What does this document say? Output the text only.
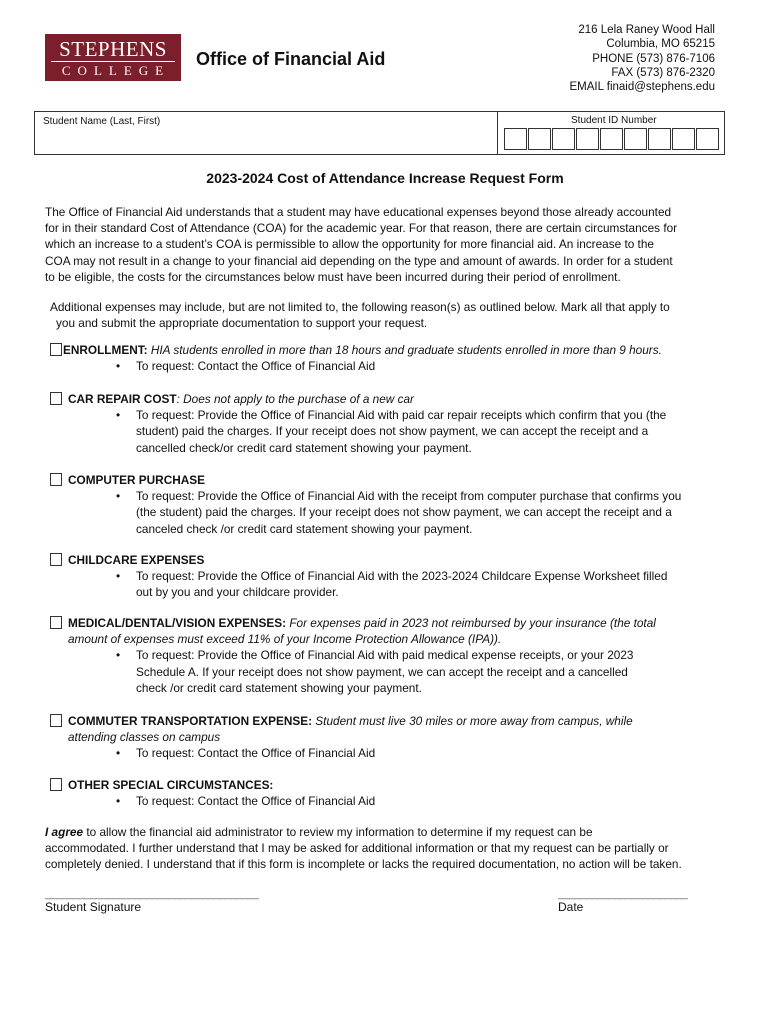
STEPHENS
COLLEGE
Office of Financial Aid
216 Lela Raney Wood Hall
Columbia, MO 65215
PHONE (573) 876-7106
FAX (573) 876-2320
EMAIL finaid@stephens.edu
Student Name (Last, First)	Student ID Number
2023-2024 Cost of Attendance Increase Request Form
The Office of Financial Aid understands that a student may have educational expenses beyond those already accounted
for in their standard Cost of Attendance (COA) for the academic year. For that reason, there are certain circumstances for
which an increase to a student’s COA is permissible to allow the opportunity for more financial aid. An increase to the
COA may not result in a change to your financial aid depending on the type and amount of awards. In order for a student
to be eligible, the costs for the circumstances below must have been incurred during their period of enrollment.
Additional expenses may include, but are not limited to, the following reason(s) as outlined below. Mark all that apply to
you and submit the appropriate documentation to support your request.
ENROLLMENT: HIA students enrolled in more than 18 hours and graduate students enrolled in more than 9 hours.
• To request: Contact the Office of Financial Aid
CAR REPAIR COST: Does not apply to the purchase of a new car
• To request: Provide the Office of Financial Aid with paid car repair receipts which confirm that you (the
student) paid the charges. If your receipt does not show payment, we can accept the receipt and a
cancelled check/or credit card statement showing your payment.
COMPUTER PURCHASE
• To request: Provide the Office of Financial Aid with the receipt from computer purchase that confirms you
(the student) paid the charges. If your receipt does not show payment, we can accept the receipt and a
canceled check /or credit card statement showing your payment.
CHILDCARE EXPENSES
• To request: Provide the Office of Financial Aid with the 2023-2024 Childcare Expense Worksheet filled
out by you and your childcare provider.
MEDICAL/DENTAL/VISION EXPENSES: For expenses paid in 2023 not reimbursed by your insurance (the total
amount of expenses must exceed 11% of your Income Protection Allowance (IPA)).
• To request: Provide the Office of Financial Aid with paid medical expense receipts, or your 2023
Schedule A. If your receipt does not show payment, we can accept the receipt and a cancelled
check /or credit card statement showing your payment.
COMMUTER TRANSPORTATION EXPENSE: Student must live 30 miles or more away from campus, while
attending classes on campus
• To request: Contact the Office of Financial Aid
OTHER SPECIAL CIRCUMSTANCES:
• To request: Contact the Office of Financial Aid
I agree to allow the financial aid administrator to review my information to determine if my request can be
accommodated. I further understand that I may be asked for additional information or that my request can be partially or
completely denied. I understand that if this form is incomplete or lacks the required documentation, no action will be taken.
______________________________________	_______________________
Student Signature	Date
